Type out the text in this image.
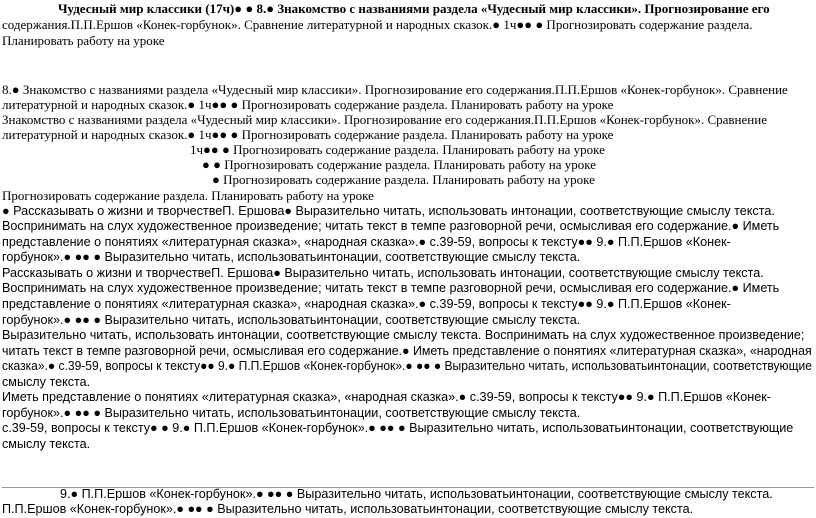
Чудесный мир классики (17ч)● ● 8.● Знакомство с названиями раздела «Чудесный мир классики». Прогнозирование его
содержания.П.П.Ершов «Конек-горбунок». Сравнение литературной и народных сказок.● 1ч●● ● Прогнозировать содержание раздела.
Планировать работу на уроке
8.● Знакомство с названиями раздела «Чудесный мир классики». Прогнозирование его содержания.П.П.Ершов «Конек-горбунок». Сравнение
литературной и народных сказок.● 1ч●● ● Прогнозировать содержание раздела. Планировать работу на уроке
Знакомство с названиями раздела «Чудесный мир классики». Прогнозирование его содержания.П.П.Ершов «Конек-горбунок». Сравнение
литературной и народных сказок.● 1ч●● ● Прогнозировать содержание раздела. Планировать работу на уроке
1ч●● ● Прогнозировать содержание раздела. Планировать работу на уроке
● ● Прогнозировать содержание раздела. Планировать работу на уроке
● Прогнозировать содержание раздела. Планировать работу на уроке
Прогнозировать содержание раздела. Планировать работу на уроке
● Рассказывать о жизни и творчествеП. Ершова● Выразительно читать, использовать интонации, соответствующие смыслу текста.
Воспринимать на слух художественное произведение; читать текст в темпе разговорной речи, осмысливая его содержание.● Иметь
представление о понятиях «литературная сказка», «народная сказка».● с.39-59, вопросы к тексту●● 9.● П.П.Ершов «Конек-
горбунок».● ●● ● Выразительно читать, использоватьинтонации, соответствующие смыслу текста.
Рассказывать о жизни и творчествеП. Ершова● Выразительно читать, использовать интонации, соответствующие смыслу текста.
Воспринимать на слух художественное произведение; читать текст в темпе разговорной речи, осмысливая его содержание.● Иметь
представление о понятиях «литературная сказка», «народная сказка».● с.39-59, вопросы к тексту●● 9.● П.П.Ершов «Конек-
горбунок».● ●● ● Выразительно читать, использоватьинтонации, соответствующие смыслу текста.
Выразительно читать, использовать интонации, соответствующие смыслу текста. Воспринимать на слух художественное произведение;
читать текст в темпе разговорной речи, осмысливая его содержание.● Иметь представление о понятиях «литературная сказка», «народная
сказка».● с.39-59, вопросы к тексту●● 9.● П.П.Ершов «Конек-горбунок».● ●● ● Выразительно читать, использоватьинтонации, соответствующие
смыслу текста.
Иметь представление о понятиях «литературная сказка», «народная сказка».● с.39-59, вопросы к тексту●● 9.● П.П.Ершов «Конек-
горбунок».● ●● ● Выразительно читать, использоватьинтонации, соответствующие смыслу текста.
с.39-59, вопросы к тексту● ● 9.● П.П.Ершов «Конек-горбунок».● ●● ● Выразительно читать, использоватьинтонации, соответствующие
смыслу текста.
9.● П.П.Ершов «Конек-горбунок».● ●● ● Выразительно читать, использоватьинтонации, соответствующие смыслу текста.
П.П.Ершов «Конек-горбунок».● ●● ● Выразительно читать, использоватьинтонации, соответствующие смыслу текста.
